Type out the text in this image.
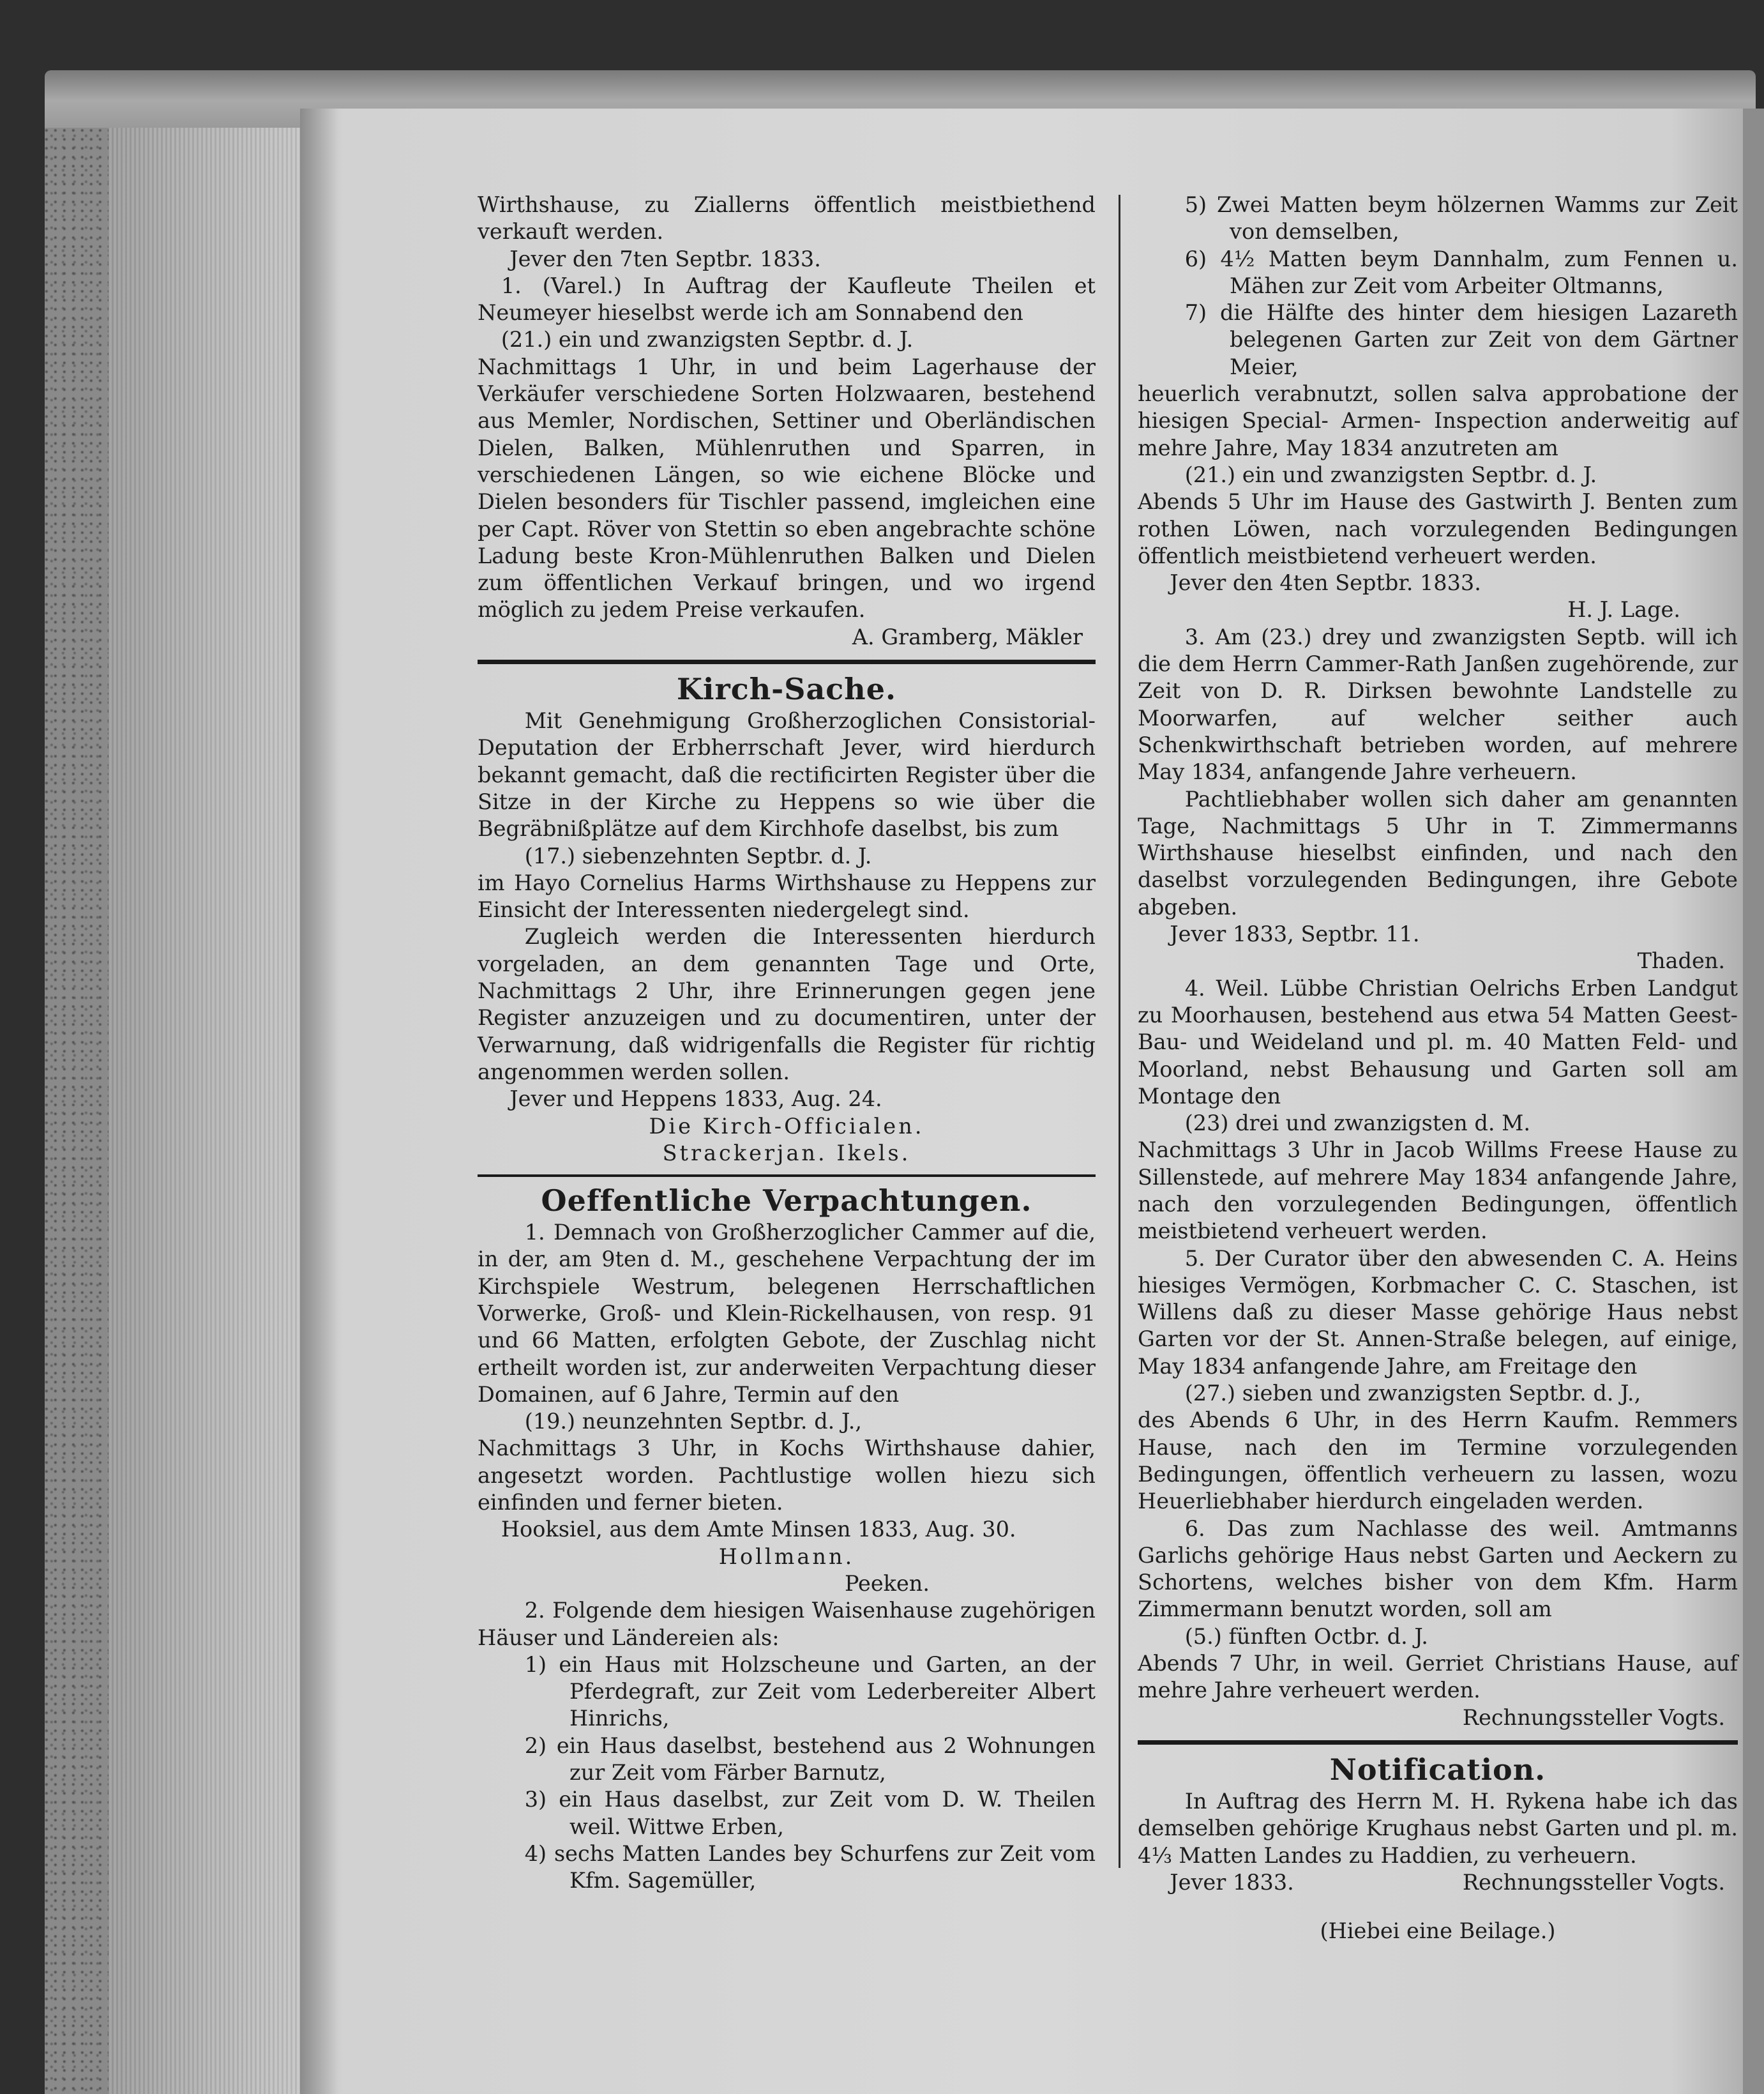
Wirthshause, zu Ziallerns öffentlich meistbiethend verkauft werden.

Jever den 7ten Septbr. 1833.

1. (Varel.) In Auftrag der Kaufleute Theilen et Neumeyer hieselbst werde ich am Sonnabend den

(21.) ein und zwanzigsten Septbr. d. J.

Nachmittags 1 Uhr, in und beim Lagerhause der Verkäufer verschiedene Sorten Holzwaaren, bestehend aus Memler, Nordischen, Settiner und Oberländischen Dielen, Balken, Mühlenruthen und Sparren, in verschiedenen Längen, so wie eichene Blöcke und Dielen besonders für Tischler passend, imgleichen eine per Capt. Röver von Stettin so eben angebrachte schöne Ladung beste Kron-Mühlenruthen Balken und Dielen zum öffentlichen Verkauf bringen, und wo irgend möglich zu jedem Preise verkaufen.

A. Gramberg, Mäkler

Kirch-Sache.

Mit Genehmigung Großherzoglichen Consistorial-Deputation der Erbherrschaft Jever, wird hierdurch bekannt gemacht, daß die rectificirten Register über die Sitze in der Kirche zu Heppens so wie über die Begräbnißplätze auf dem Kirchhofe daselbst, bis zum

(17.) siebenzehnten Septbr. d. J.

im Hayo Cornelius Harms Wirthshause zu Heppens zur Einsicht der Interessenten niedergelegt sind.

Zugleich werden die Interessenten hierdurch vorgeladen, an dem genannten Tage und Orte, Nachmittags 2 Uhr, ihre Erinnerungen gegen jene Register anzuzeigen und zu documentiren, unter der Verwarnung, daß widrigenfalls die Register für richtig angenommen werden sollen.

Jever und Heppens 1833, Aug. 24.

Die Kirch-Officialen.

Strackerjan. Ikels.

Oeffentliche Verpachtungen.

1. Demnach von Großherzoglicher Cammer auf die, in der, am 9ten d. M., geschehene Verpachtung der im Kirchspiele Westrum, belegenen Herrschaftlichen Vorwerke, Groß- und Klein-Rickelhausen, von resp. 91 und 66 Matten, erfolgten Gebote, der Zuschlag nicht ertheilt worden ist, zur anderweiten Verpachtung dieser Domainen, auf 6 Jahre, Termin auf den

(19.) neunzehnten Septbr. d. J.,

Nachmittags 3 Uhr, in Kochs Wirthshause dahier, angesetzt worden. Pachtlustige wollen hiezu sich einfinden und ferner bieten.

Hooksiel, aus dem Amte Minsen 1833, Aug. 30.

Hollmann.

Peeken.

2. Folgende dem hiesigen Waisenhause zugehörigen Häuser und Ländereien als:

1) ein Haus mit Holzscheune und Garten, an der Pferdegraft, zur Zeit vom Lederbereiter Albert Hinrichs,

2) ein Haus daselbst, bestehend aus 2 Wohnungen zur Zeit vom Färber Barnutz,

3) ein Haus daselbst, zur Zeit vom D. W. Theilen weil. Wittwe Erben,

4) sechs Matten Landes bey Schurfens zur Zeit vom Kfm. Sagemüller,

5) Zwei Matten beym hölzernen Wamms zur Zeit von demselben,

6) 4½ Matten beym Dannhalm, zum Fennen u. Mähen zur Zeit vom Arbeiter Oltmanns,

7) die Hälfte des hinter dem hiesigen Lazareth belegenen Garten zur Zeit von dem Gärtner Meier,

heuerlich verabnutzt, sollen salva approbatione der hiesigen Special- Armen- Inspection anderweitig auf mehre Jahre, May 1834 anzutreten am

(21.) ein und zwanzigsten Septbr. d. J.

Abends 5 Uhr im Hause des Gastwirth J. Benten zum rothen Löwen, nach vorzulegenden Bedingungen öffentlich meistbietend verheuert werden.

Jever den 4ten Septbr. 1833.

H. J. Lage.

3. Am (23.) drey und zwanzigsten Septb. will ich die dem Herrn Cammer-Rath Janßen zugehörende, zur Zeit von D. R. Dirksen bewohnte Landstelle zu Moorwarfen, auf welcher seither auch Schenkwirthschaft betrieben worden, auf mehrere May 1834, anfangende Jahre verheuern.

Pachtliebhaber wollen sich daher am genannten Tage, Nachmittags 5 Uhr in T. Zimmermanns Wirthshause hieselbst einfinden, und nach den daselbst vorzulegenden Bedingungen, ihre Gebote abgeben.

Jever 1833, Septbr. 11.

Thaden.

4. Weil. Lübbe Christian Oelrichs Erben Landgut zu Moorhausen, bestehend aus etwa 54 Matten Geest- Bau- und Weideland und pl. m. 40 Matten Feld- und Moorland, nebst Behausung und Garten soll am Montage den

(23) drei und zwanzigsten d. M.

Nachmittags 3 Uhr in Jacob Willms Freese Hause zu Sillenstede, auf mehrere May 1834 anfangende Jahre, nach den vorzulegenden Bedingungen, öffentlich meistbietend verheuert werden.

5. Der Curator über den abwesenden C. A. Heins hiesiges Vermögen, Korbmacher C. C. Staschen, ist Willens daß zu dieser Masse gehörige Haus nebst Garten vor der St. Annen-Straße belegen, auf einige, May 1834 anfangende Jahre, am Freitage den

(27.) sieben und zwanzigsten Septbr. d. J.,

des Abends 6 Uhr, in des Herrn Kaufm. Remmers Hause, nach den im Termine vorzulegenden Bedingungen, öffentlich verheuern zu lassen, wozu Heuerliebhaber hierdurch eingeladen werden.

6. Das zum Nachlasse des weil. Amtmanns Garlichs gehörige Haus nebst Garten und Aeckern zu Schortens, welches bisher von dem Kfm. Harm Zimmermann benutzt worden, soll am

(5.) fünften Octbr. d. J.

Abends 7 Uhr, in weil. Gerriet Christians Hause, auf mehre Jahre verheuert werden.

Rechnungssteller Vogts.

Notification.

In Auftrag des Herrn M. H. Rykena habe ich das demselben gehörige Krughaus nebst Garten und pl. m. 4⅓ Matten Landes zu Haddien, zu verheuern.

Jever 1833.	Rechnungssteller Vogts.

(Hiebei eine Beilage.)
